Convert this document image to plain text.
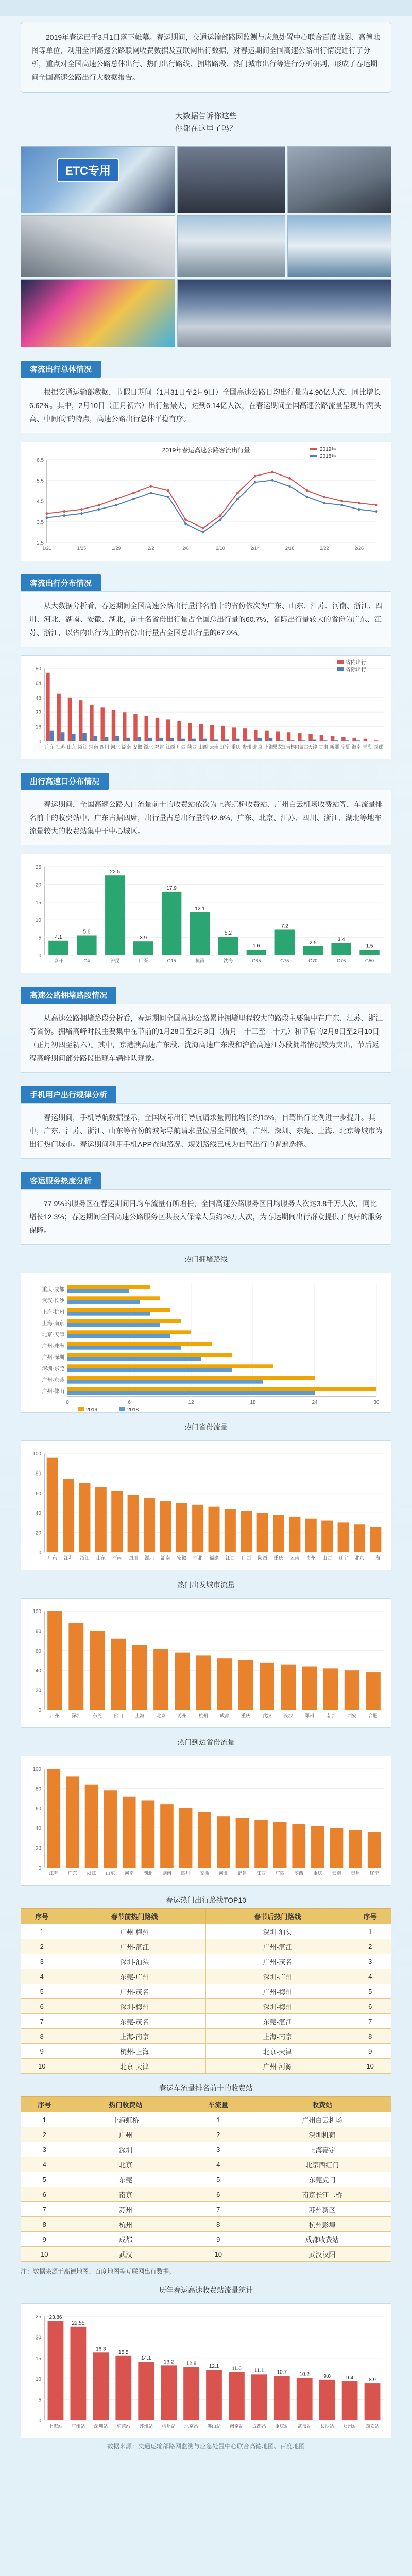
2019年春运已于3月1日落下帷幕。春运期间，交通运输部路网监测与应急处置中心联合百度地图、高德地图等单位，利用全国高速公路联网收费数据及互联网出行数据，对春运期间全国高速公路出行情况进行了分析，重点对全国高速公路总体出行、热门出行路线、拥堵路段、热门城市出行等进行分析研判，形成了春运期间全国高速公路出行大数据报告。

大数据告诉你这些
你都在这里了吗？
ETC专用
客流出行总体情况

根据交通运输部数据，节假日期间（1月31日至2月9日）全国高速公路日均出行量为4.90亿人次，同比增长6.62%。其中，2月10日（正月初六）出行量最大，达到6.14亿人次，在春运期间全国高速公路流量呈现出"两头高、中间低"的特点，高速公路出行总体平稳有序。

2019年春运高速公路客流出行量
2.5
3.5
4.5
5.5
6.5
1/21	1/25	1/29	2/2	2/6	2/10	2/14	2/18	2/22	2/26
2019年
2018年
客流出行分布情况

从大数据分析看，春运期间全国高速公路出行量排名前十的省份依次为广东、山东、江苏、河南、浙江、四川、河北、湖南、安徽、湖北，前十名省份出行量占全国总出行量的60.7%，省际出行量较大的省份为广东、江苏、浙江，以省内出行为主的省份出行量占全国总出行量的67.9%。

0
16
32
48
64
80
广东 江苏 山东 浙江 河南 四川 河北 湖南 安徽 湖北 福建 江西 广西 陕西 山西 云南 辽宁 重庆 贵州 北京 上海
黑龙江
吉林
内蒙古
天津 甘肃 新疆 宁夏 海南 青海 西藏
省内出行
省际出行
出行高速口分布情况

春运期间，全国高速公路入口流量前十的收费站依次为上海虹桥收费站、广州白云机场收费站等，车流量排名前十的收费站中，广东占据四席，出行量占总出行量的42.8%，广东、北京、江苏、四川、浙江、湖北等地车流量较大的收费站集中于中心城区。

0
5
10
15
20
25
4.1
京开
5.6
G4
22.5
沪昆
3.9
广深
17.9
G15
12.1
杭甬
5.2
沈海
1.6
G65
7.2
G75
2.5
G70
3.4
G76
1.5
G50
高速公路拥堵路段情况

从高速公路拥堵路段分析看，春运期间全国高速公路累计拥堵里程较大的路段主要集中在广东、江苏、浙江等省份。拥堵高峰时段主要集中在节前的1月28日至2月3日（腊月二十三至二十九）和节后的2月8日至2月10日（正月初四至初六）。其中，京港澳高速广东段、沈海高速广东段和沪渝高速江苏段拥堵情况较为突出，节后返程高峰期间部分路段出现车辆排队现象。

手机用户出行规律分析

春运期间，手机导航数据显示，全国城际出行导航请求量同比增长约15%，自驾出行比例进一步提升。其中，广东、江苏、浙江、山东等省份的城际导航请求量位居全国前列，广州、深圳、东莞、上海、北京等城市为出行热门城市。春运期间利用手机APP查询路况、规划路线已成为自驾出行的普遍选择。

客运服务热度分析

77.9%的服务区在春运期间日均车流量有所增长，全国高速公路服务区日均服务人次达3.8千万人次，同比增长12.3%；春运期间全国高速公路服务区共投入保障人员约26万人次，为春运期间出行群众提供了良好的服务保障。

热门拥堵路线
0	6	12	18	24	30
重庆-成都
武汉-长沙
上海-杭州
上海-南京
北京-天津
广州-珠海
广州-深圳
深圳-东莞
广州-东莞
广州-佛山
2019	2018
热门省份流量
0
20
40
60
80
100
广东 江苏 浙江 山东 河南 四川 湖北 湖南 安徽 河北 福建 江西 广西 陕西 重庆 云南 贵州 山西 辽宁 北京 上海
热门出发城市流量
0
20
40
60
80
100
广州	深圳	东莞	佛山	上海	北京	苏州	杭州	成都	重庆	武汉	长沙	郑州	南京	西安	合肥
热门到达省份流量
0
20
40
60
80
100
江苏 广东 浙江 山东 河南 湖北 湖南 四川 安徽 河北 福建 江西 广西 陕西 重庆 云南 贵州 辽宁
春运热门出行路线TOP10
序号	春节前热门路线	春节后热门路线	序号
1	广州-梅州	深圳-汕头	1
2	广州-湛江	广州-湛江	2
3	深圳-汕头	广州-茂名	3
4	东莞-广州	深圳-广州	4
5	广州-茂名	广州-梅州	5
6	深圳-梅州	深圳-梅州	6
7	东莞-茂名	东莞-湛江	7
8	上海-南京	上海-南京	8
9	杭州-上海	北京-天津	9
10	北京-天津	广州-河源	10
春运车流量排名前十的收费站
序号	热门收费站	车流量	收费站
1	上海虹桥	1	广州白云机场
2	广州	2	深圳机荷
3	深圳	3	上海嘉定
4	北京	4	北京西红门
5	东莞	5	东莞虎门
6	南京	6	南京长江二桥
7	苏州	7	苏州新区
8	杭州	8	杭州彭埠
9	成都	9	成都收费站
10	武汉	10	武汉汉阳
注：数据来源于高德地图、百度地图等互联网出行数据。
历年春运高速收费站流量统计
0
5
10
15
20
25 23.86
上海站
22.55
广州站
16.3
深圳站
15.5
东莞站
14.1
苏州站
13.2
杭州站
12.8
北京站
12.1
佛山站
11.6
南京站
11.1
成都站
10.7
重庆站
10.2
武汉站
9.8
长沙站
9.4
郑州站
8.9
西安站
数据来源：交通运输部路网监测与应急处置中心联合高德地图、百度地图
